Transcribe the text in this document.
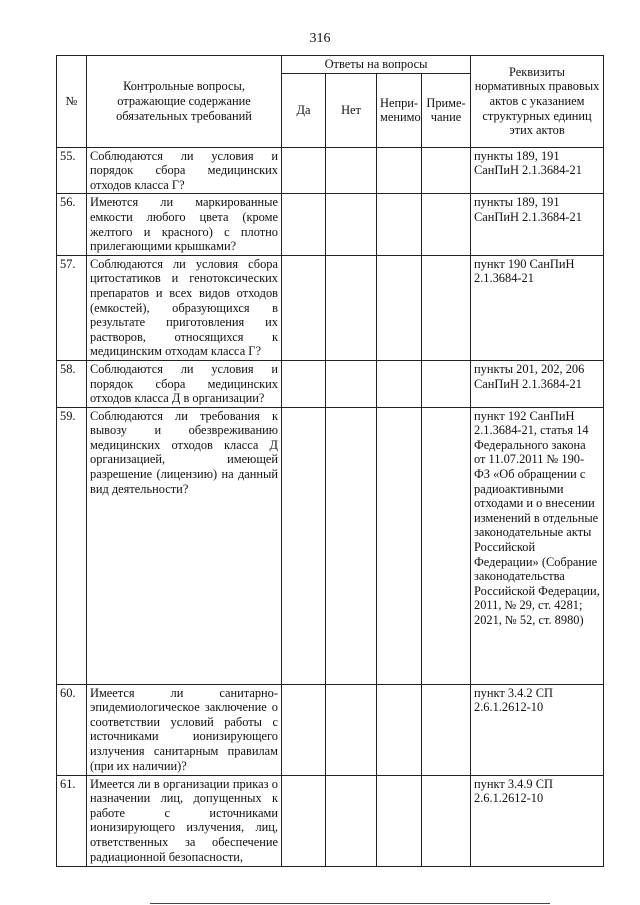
316
№	Контрольные вопросы, отражающие содержание обязательных требований	Ответы на вопросы				Реквизиты нормативных правовых актов с указанием структурных единиц этих актов
		Да	Нет	Непри-менимо	Приме-чание	
55.	Соблюдаются ли условия и порядок сбора медицинских отходов класса Г?					пункты 189, 191 СанПиН 2.1.3684-21
56.	Имеются ли маркированные емкости любого цвета (кроме желтого и красного) с плотно прилегающими крышками?					пункты 189, 191 СанПиН 2.1.3684-21
57.	Соблюдаются ли условия сбора цитостатиков и генотоксических препаратов и всех видов отходов (емкостей), образующихся в результате приготовления их растворов, относящихся к медицинским отходам класса Г?					пункт 190 СанПиН 2.1.3684-21
58.	Соблюдаются ли условия и порядок сбора медицинских отходов класса Д в организации?					пункты 201, 202, 206 СанПиН 2.1.3684-21
59.	Соблюдаются ли требования к вывозу и обезвреживанию медицинских отходов класса Д организацией, имеющей разрешение (лицензию) на данный вид деятельности?					пункт 192 СанПиН 2.1.3684-21, статья 14 Федерального закона от 11.07.2011 № 190-ФЗ «Об обращении с радиоактивными отходами и о внесении изменений в отдельные законодательные акты Российской Федерации» (Собрание законодательства Российской Федерации, 2011, № 29, ст. 4281; 2021, № 52, ст. 8980)
60.	Имеется ли санитарно-эпидемиологическое заключение о соответствии условий работы с источниками ионизирующего излучения санитарным правилам (при их наличии)?					пункт 3.4.2 СП 2.6.1.2612-10
61.	Имеется ли в организации приказ о назначении лиц, допущенных к работе с источниками ионизирующего излучения, лиц, ответственных за обеспечение радиационной безопасности,					пункт 3.4.9 СП 2.6.1.2612-10
